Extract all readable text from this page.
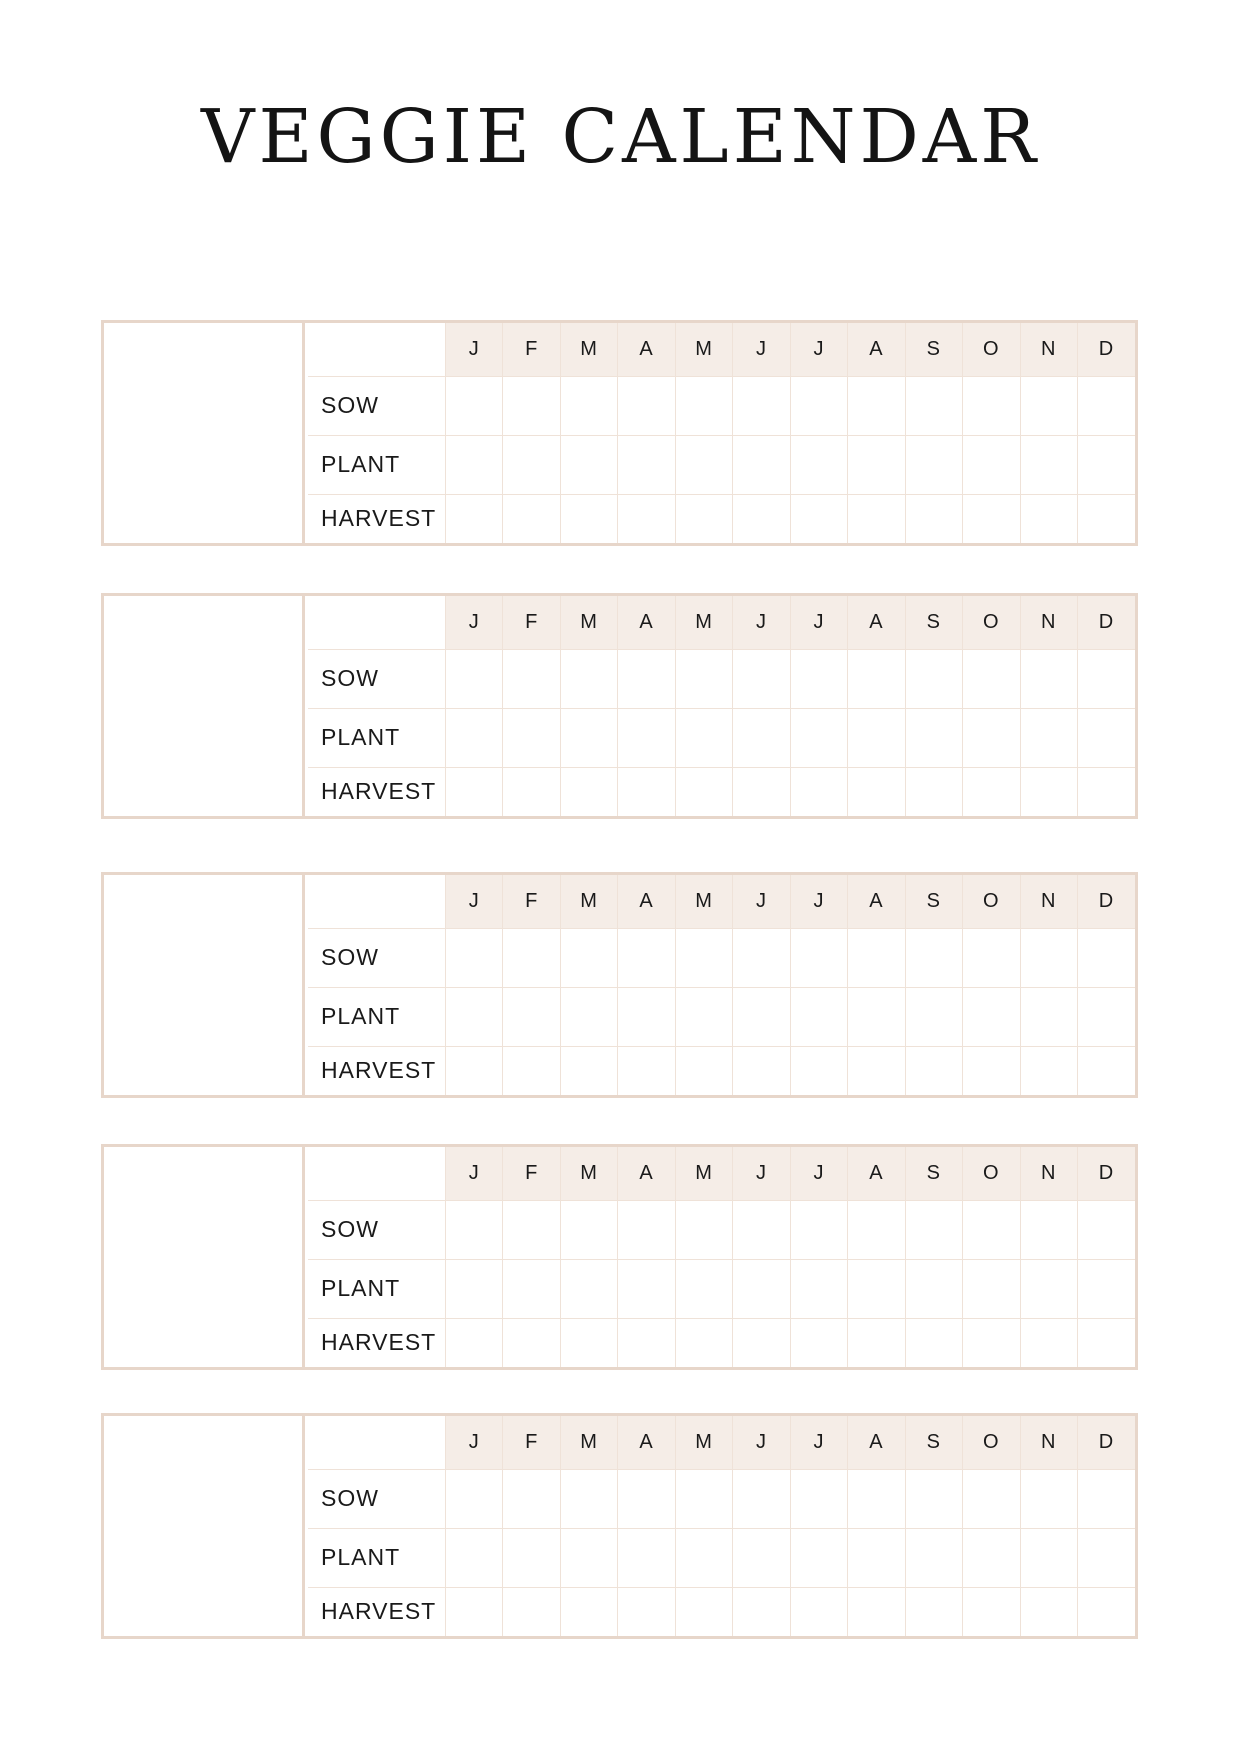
VEGGIE CALENDAR
	J	F	M	A	M	J	J	A	S	O	N	D
SOW												
PLANT												
HARVEST												
	J	F	M	A	M	J	J	A	S	O	N	D
SOW												
PLANT												
HARVEST												
	J	F	M	A	M	J	J	A	S	O	N	D
SOW												
PLANT												
HARVEST												
	J	F	M	A	M	J	J	A	S	O	N	D
SOW												
PLANT												
HARVEST												
	J	F	M	A	M	J	J	A	S	O	N	D
SOW												
PLANT												
HARVEST												
